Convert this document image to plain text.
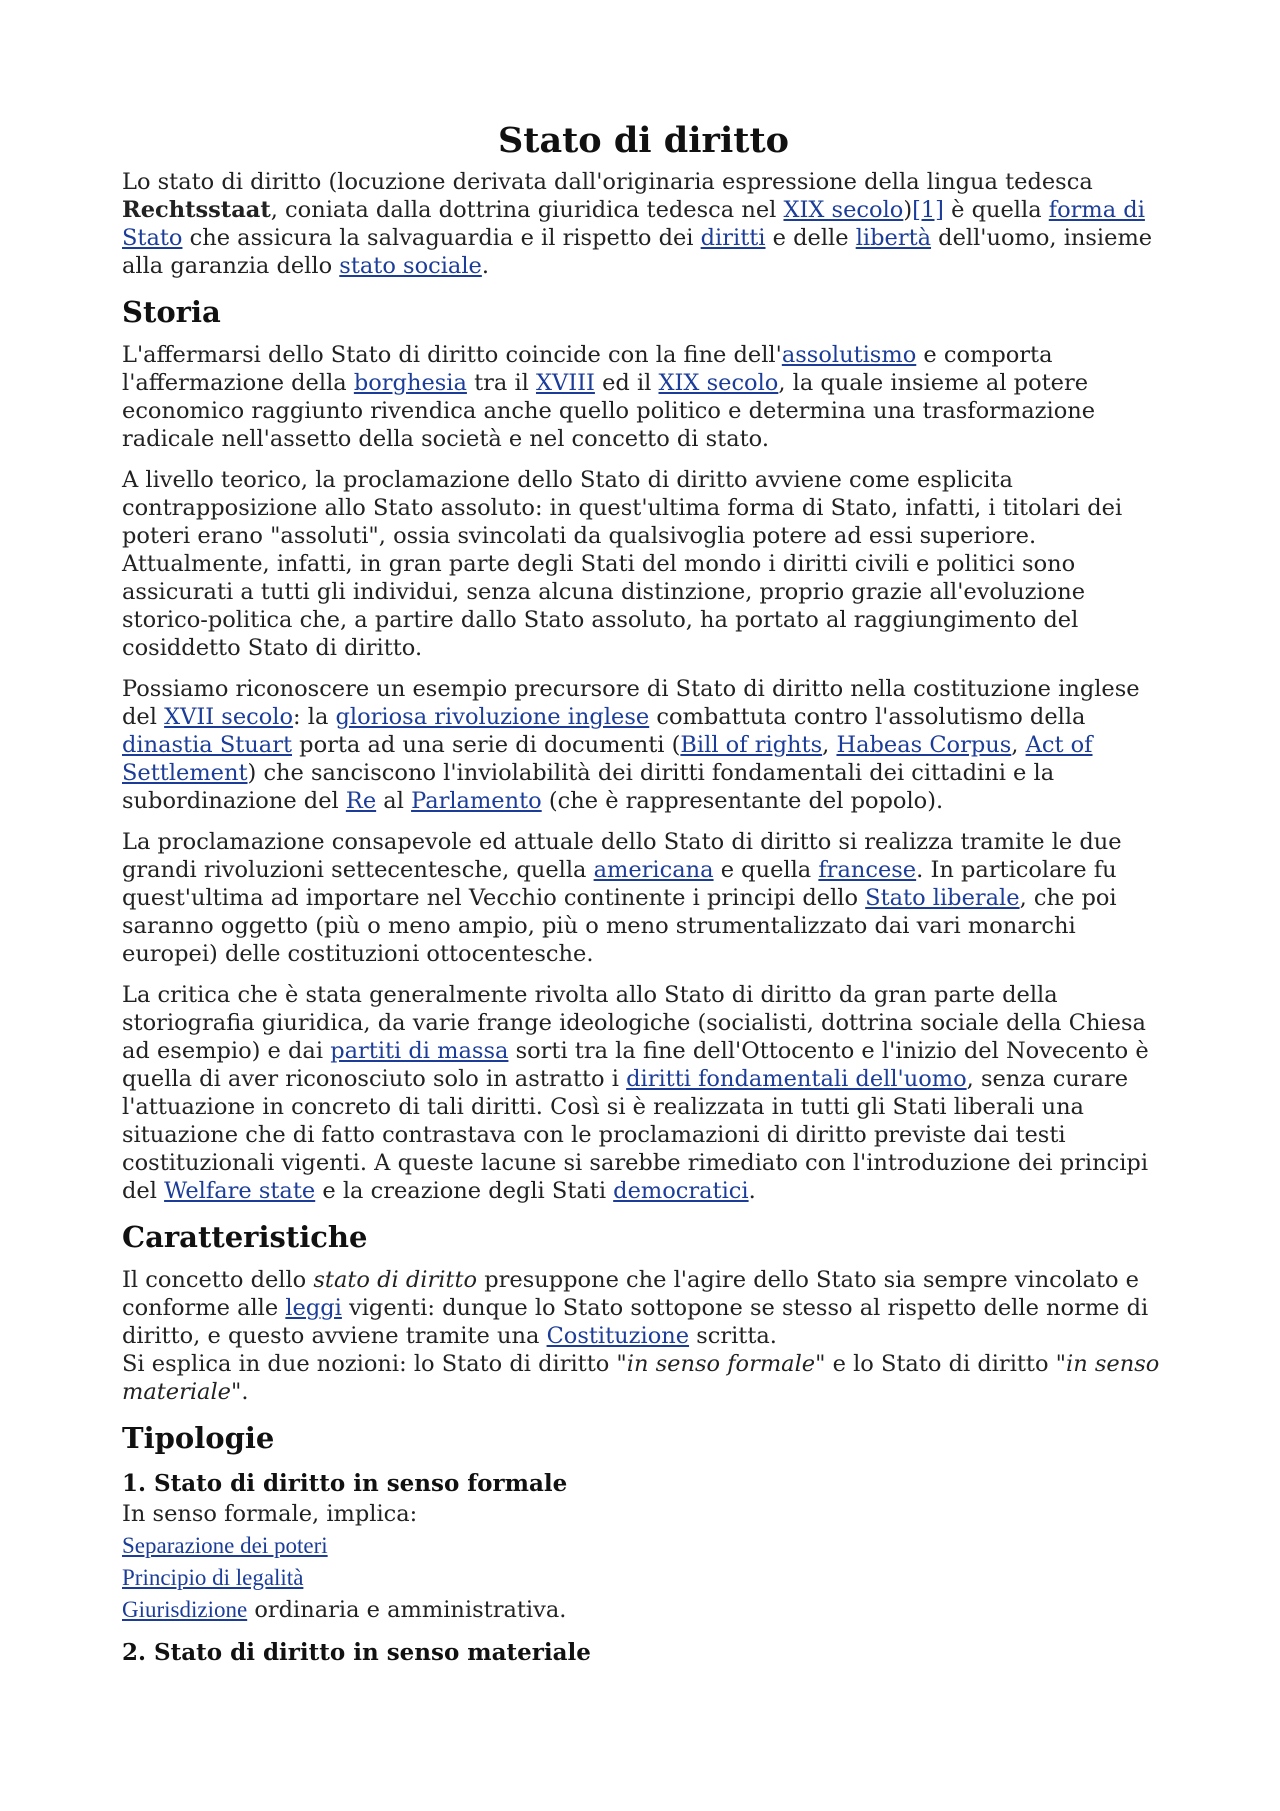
Stato di diritto

Lo stato di diritto (locuzione derivata dall'originaria espressione della lingua tedesca Rechtsstaat, coniata dalla dottrina giuridica tedesca nel XIX secolo)[1] è quella forma di Stato che assicura la salvaguardia e il rispetto dei diritti e delle libertà dell'uomo, insieme alla garanzia dello stato sociale.

Storia

L'affermarsi dello Stato di diritto coincide con la fine dell'assolutismo e comporta l'affermazione della borghesia tra il XVIII ed il XIX secolo, la quale insieme al potere economico raggiunto rivendica anche quello politico e determina una trasformazione radicale nell'assetto della società e nel concetto di stato.

A livello teorico, la proclamazione dello Stato di diritto avviene come esplicita contrapposizione allo Stato assoluto: in quest'ultima forma di Stato, infatti, i titolari dei poteri erano "assoluti", ossia svincolati da qualsivoglia potere ad essi superiore. Attualmente, infatti, in gran parte degli Stati del mondo i diritti civili e politici sono assicurati a tutti gli individui, senza alcuna distinzione, proprio grazie all'evoluzione storico-politica che, a partire dallo Stato assoluto, ha portato al raggiungimento del cosiddetto Stato di diritto.

Possiamo riconoscere un esempio precursore di Stato di diritto nella costituzione inglese del XVII secolo: la gloriosa rivoluzione inglese combattuta contro l'assolutismo della dinastia Stuart porta ad una serie di documenti (Bill of rights, Habeas Corpus, Act of Settlement) che sanciscono l'inviolabilità dei diritti fondamentali dei cittadini e la subordinazione del Re al Parlamento (che è rappresentante del popolo).

La proclamazione consapevole ed attuale dello Stato di diritto si realizza tramite le due grandi rivoluzioni settecentesche, quella americana e quella francese. In particolare fu quest'ultima ad importare nel Vecchio continente i principi dello Stato liberale, che poi saranno oggetto (più o meno ampio, più o meno strumentalizzato dai vari monarchi europei) delle costituzioni ottocentesche.

La critica che è stata generalmente rivolta allo Stato di diritto da gran parte della storiografia giuridica, da varie frange ideologiche (socialisti, dottrina sociale della Chiesa ad esempio) e dai partiti di massa sorti tra la fine dell'Ottocento e l'inizio del Novecento è quella di aver riconosciuto solo in astratto i diritti fondamentali dell'uomo, senza curare l'attuazione in concreto di tali diritti. Così si è realizzata in tutti gli Stati liberali una situazione che di fatto contrastava con le proclamazioni di diritto previste dai testi costituzionali vigenti. A queste lacune si sarebbe rimediato con l'introduzione dei principi del Welfare state e la creazione degli Stati democratici.

Caratteristiche

Il concetto dello stato di diritto presuppone che l'agire dello Stato sia sempre vincolato e conforme alle leggi vigenti: dunque lo Stato sottopone se stesso al rispetto delle norme di diritto, e questo avviene tramite una Costituzione scritta.
Si esplica in due nozioni: lo Stato di diritto "in senso formale" e lo Stato di diritto "in senso materiale".

Tipologie
1. Stato di diritto in senso formale
In senso formale, implica:
Separazione dei poteri
Principio di legalità
Giurisdizione ordinaria e amministrativa.
2. Stato di diritto in senso materiale
